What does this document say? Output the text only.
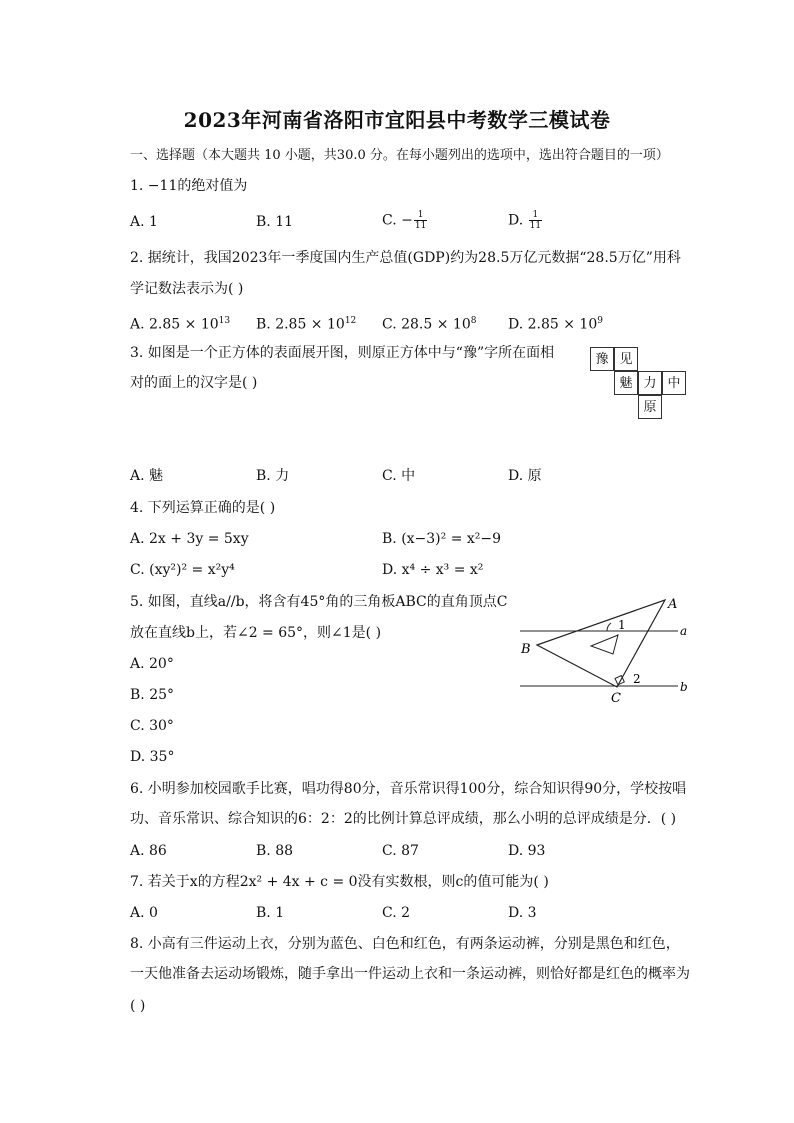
2023年河南省洛阳市宜阳县中考数学三模试卷
一、选择题（本大题共 10 小题，共30.0 分。在每小题列出的选项中，选出符合题目的一项）
1. −11的绝对值为
A. 1	B. 11	C. − $\frac{1}{11}$	D. $\frac{1}{11}$
2. 据统计，我国2023年一季度国内生产总值(GDP)约为28.5万亿元数据“28.5万亿”用科
学记数法表示为( )
A. $2.85 \times 10^{13}$ B. $2.85 \times 10^{12}$ C. $28.5 \times 10^8$ D. $2.85 \times 10^9$
3. 如图是一个正方体的表面展开图，则原正方体中与“豫”字所在面相
对的面上的汉字是( )
豫 见
魅 力 中
原
A. 魅	B. 力	C. 中	D. 原
4. 下列运算正确的是( )
A. 2x + 3y = 5xy	B. (x−3)² = x²−9
C. (xy²)² = x²y⁴	D. x⁴ ÷ x³ = x²
5. 如图，直线a//b，将含有45°角的三角板ABC的直角顶点C
放在直线b上，若∠2 = 65°，则∠1是( )
A. 20°
B. 25°
C. 30°
D. 35°
A
B
C
a
b
1
2
6. 小明参加校园歌手比赛，唱功得80分，音乐常识得100分，综合知识得90分，学校按唱
功、音乐常识、综合知识的6：2：2的比例计算总评成绩，那么小明的总评成绩是分．( )
A. 86	B. 88	C. 87	D. 93
7. 若关于x的方程2x² + 4x + c = 0没有实数根，则c的值可能为( )
A. 0	B. 1	C. 2	D. 3
8. 小高有三件运动上衣，分别为蓝色、白色和红色，有两条运动裤，分别是黑色和红色，
一天他准备去运动场锻炼，随手拿出一件运动上衣和一条运动裤，则恰好都是红色的概率为
( )
